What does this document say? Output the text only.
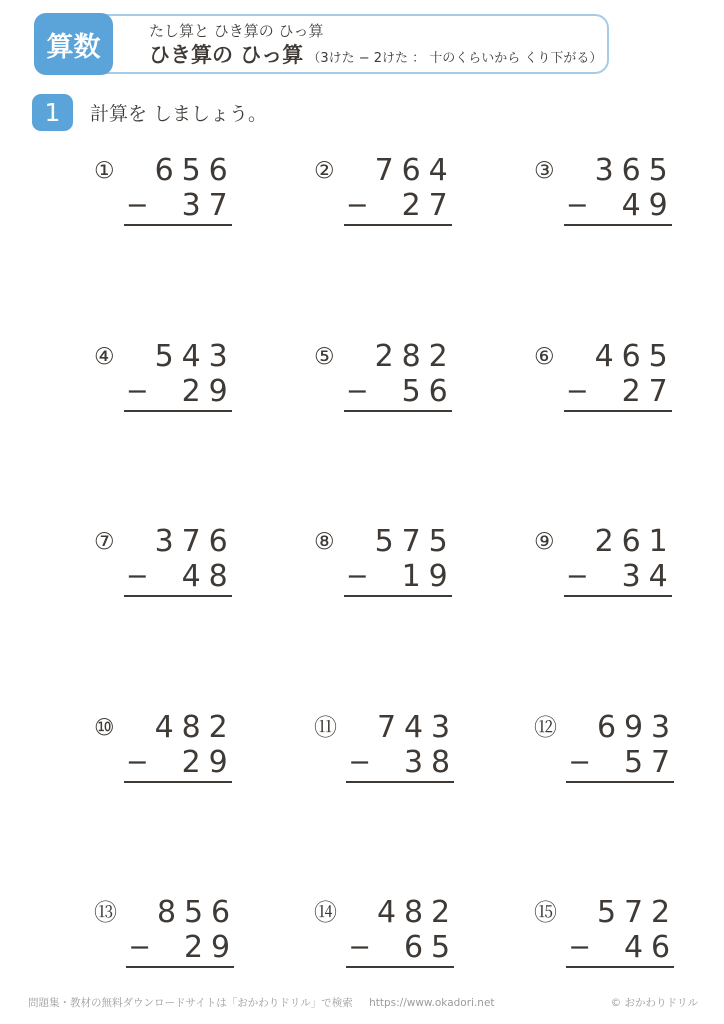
たし算と ひき算の ひっ算
ひき算の ひっ算 （3けた − 2けた ： 十のくらいから くり下がる）
算数
1	計算を しましょう。
① 6 5 6
− 3 7
② 7 6 4
− 2 7
③ 3 6 5
− 4 9
④ 5 4 3
− 2 9
⑤ 2 8 2
− 5 6
⑥ 4 6 5
− 2 7
⑦ 3 7 6
− 4 8
⑧ 5 7 5
− 1 9
⑨ 2 6 1
− 3 4
⑩ 4 8 2
− 2 9
⑪ 7 4 3
− 3 8
⑫ 6 9 3
− 5 7
⑬ 8 5 6
− 2 9
⑭ 4 8 2
− 6 5
⑮ 5 7 2
− 4 6
問題集・教材の無料ダウンロードサイトは「おかわりドリル」で検索 https://www.okadori.net	© おかわりドリル
